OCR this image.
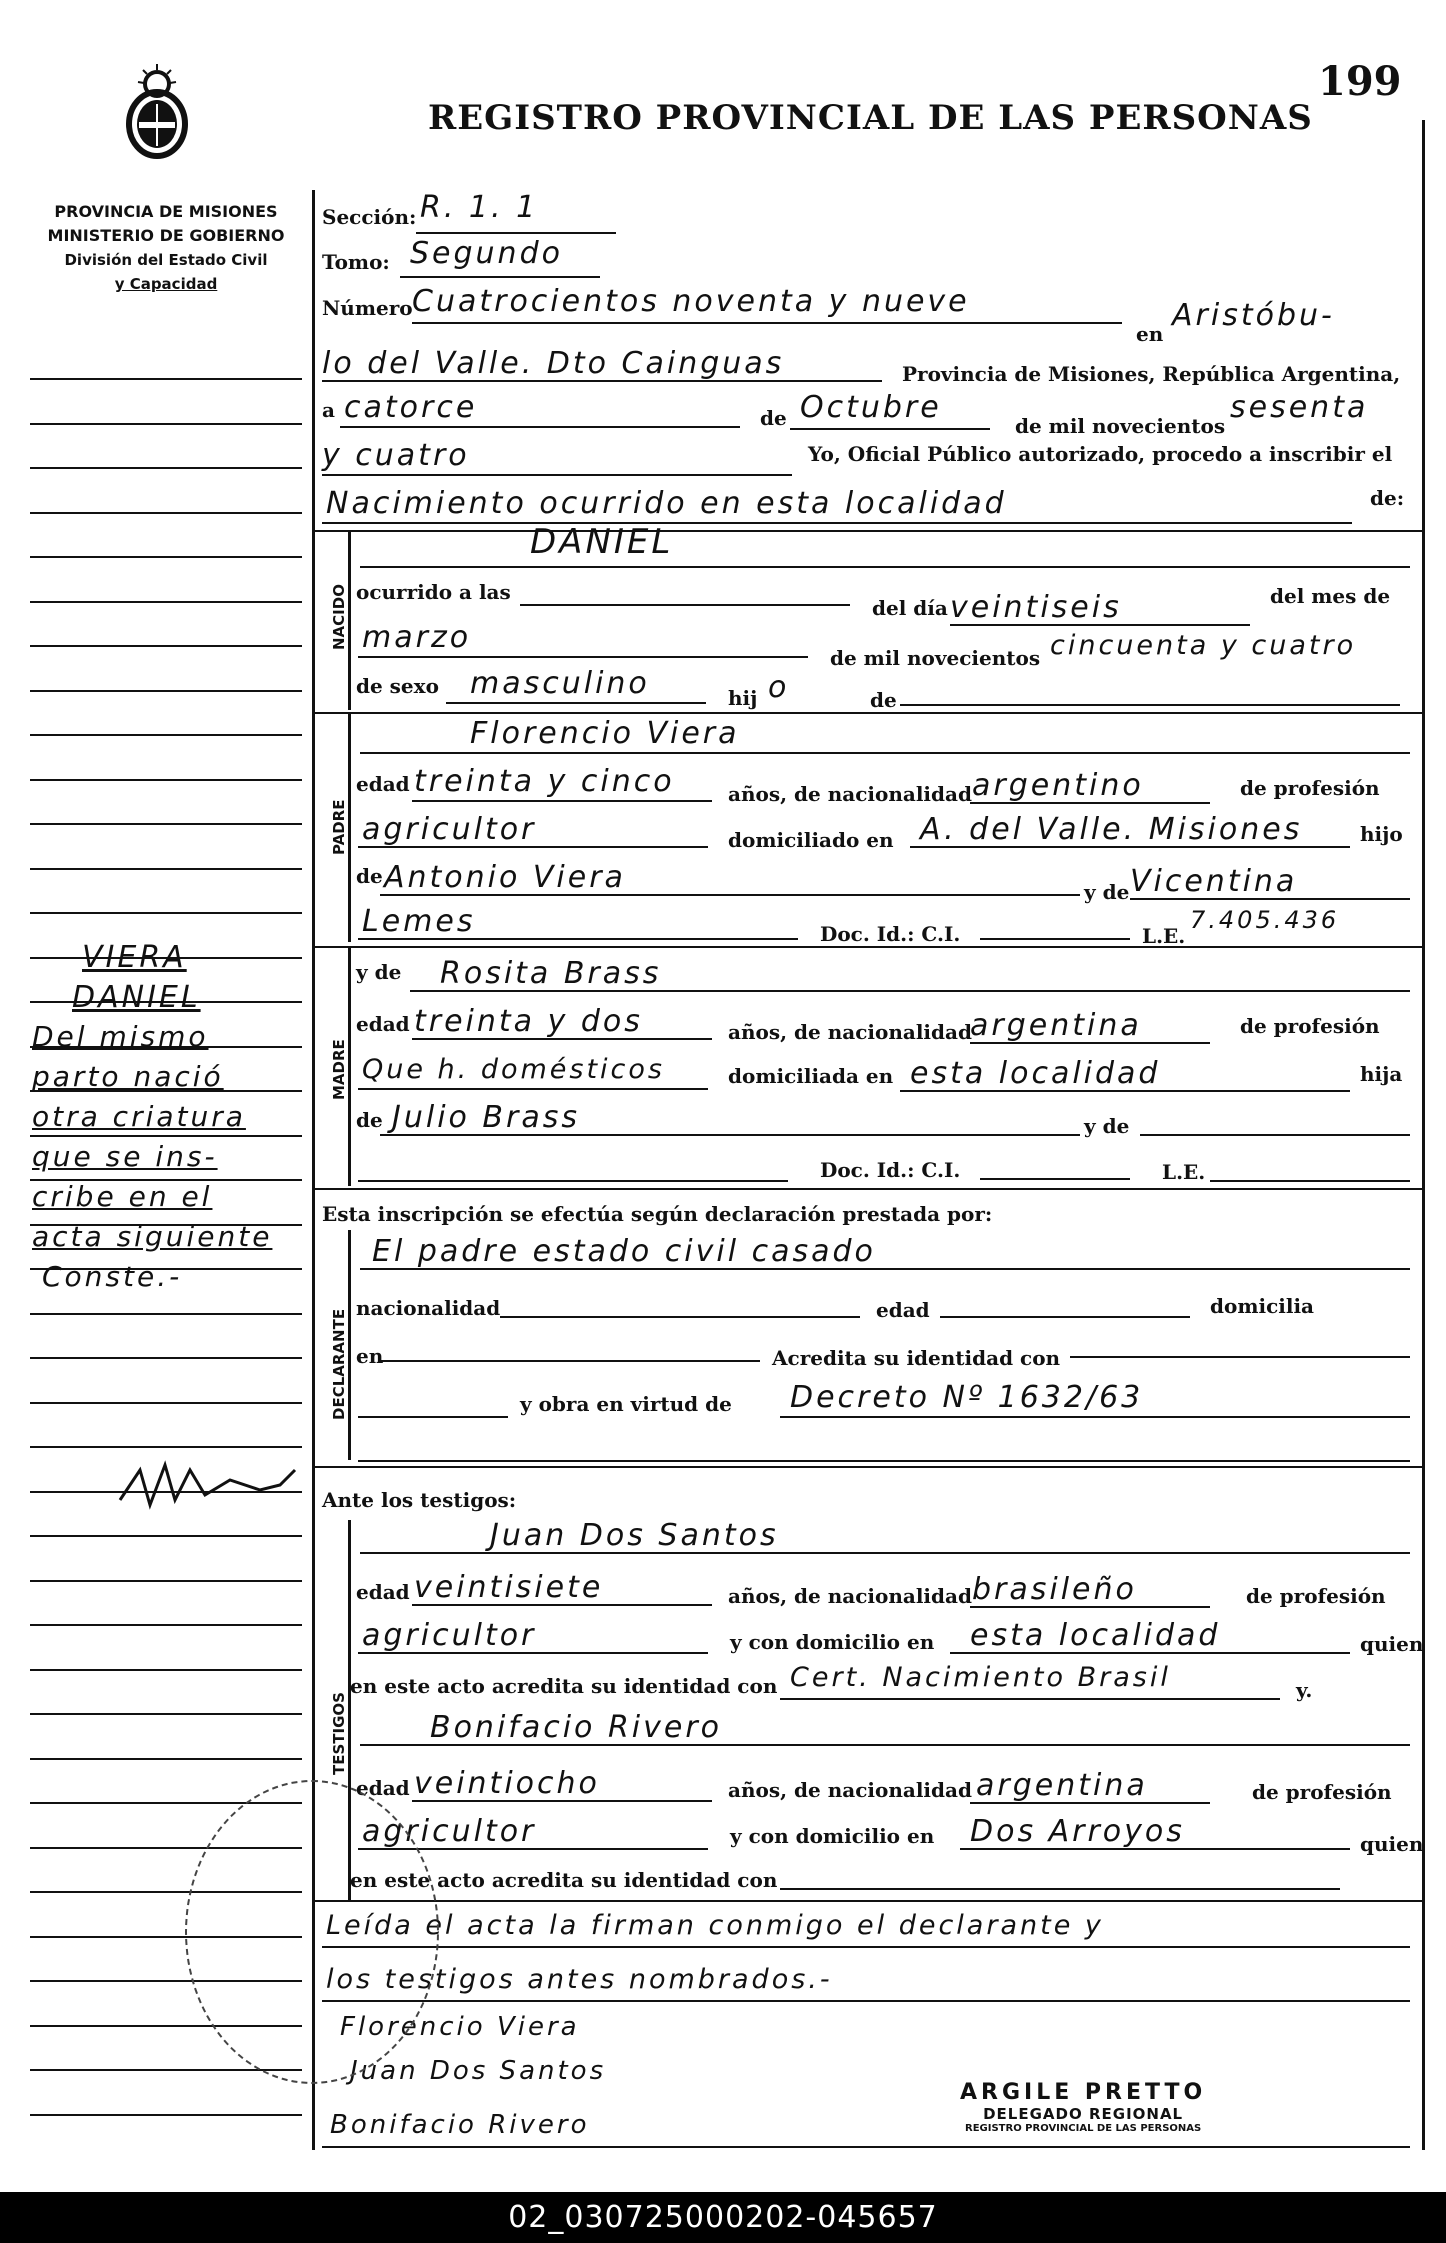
PROVINCIA DE MISIONES
MINISTERIO DE GOBIERNO
División del Estado Civil
y Capacidad
REGISTRO PROVINCIAL DE LAS PERSONAS
199
VIERA
DANIEL
Del mismo
parto nació
otra criatura
que se ins-
cribe en el
acta siguiente
Conste.-
Sección: R. 1. 1
Tomo: Segundo
Número Cuatrocientos noventa y nueve
en
Aristóbu-
lo del Valle. Dto Cainguas	Provincia de Misiones, República Argentina,
a catorce	de Octubre
de mil novecientos
sesenta
y cuatro	Yo, Oficial Público autorizado, procedo a inscribir el
Nacimiento ocurrido en esta localidad	de:
NACIDO
DANIEL
ocurrido a las
del día veintiseis	del mes de
marzo
de mil novecientos cincuenta y cuatro
de sexo masculino	hij o	de
PADRE
Florencio Viera
edad treinta y cinco	años, de nacionalidad argentino	de profesión
agricultor	domiciliado en A. del Valle. Misiones	hijo
de Antonio Viera	y de Vicentina
Lemes	Doc. Id.: C.I.	L.E.
7.405.436
MADRE
y de Rosita Brass
edad treinta y dos	años, de nacionalidad
argentina	de profesión
Que h. domésticos	domiciliada en esta localidad	hija
de Julio Brass	y de
Doc. Id.: C.I.	L.E.
Esta inscripción se efectúa según declaración prestada por:
DECLARANTE
El padre estado civil casado
nacionalidad	edad	domicilia
en	Acredita su identidad con
y obra en virtud de Decreto Nº 1632/63
Ante los testigos:
TESTIGOS
Juan Dos Santos
edad veintisiete	años, de nacionalidad brasileño	de profesión
agricultor	y con domicilio en esta localidad	quien
en este acto acredita su identidad con Cert. Nacimiento Brasil	y.
Bonifacio Rivero
edad veintiocho	años, de nacionalidad argentina	de profesión
agricultor	y con domicilio en Dos Arroyos	quien
en este acto acredita su identidad con
Leída el acta la firman conmigo el declarante y
los testigos antes nombrados.-
Florencio Viera
Juan Dos Santos
Bonifacio Rivero
ARGILE PRETTO
DELEGADO REGIONAL
REGISTRO PROVINCIAL DE LAS PERSONAS
02_030725000202-045657
